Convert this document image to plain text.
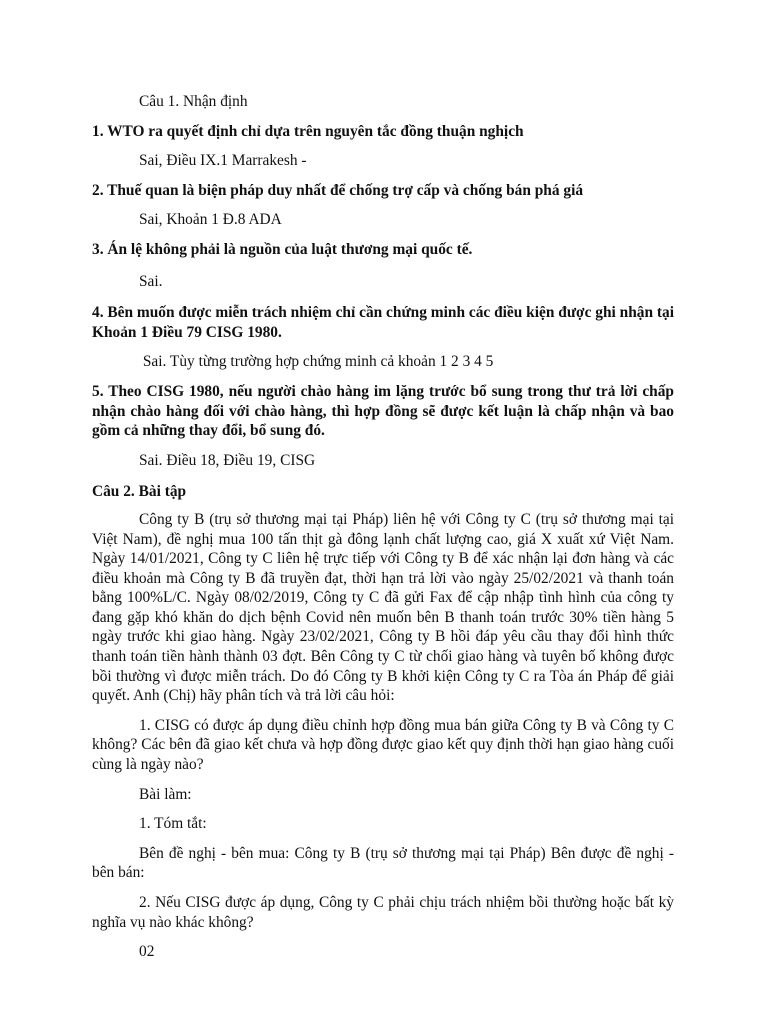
Câu 1. Nhận định

1. WTO ra quyết định chỉ dựa trên nguyên tắc đồng thuận nghịch

Sai, Điều IX.1 Marrakesh -

2. Thuế quan là biện pháp duy nhất để chống trợ cấp và chống bán phá giá

Sai, Khoản 1 Đ.8 ADA

3. Án lệ không phải là nguồn của luật thương mại quốc tế.

Sai.

4. Bên muốn được miễn trách nhiệm chỉ cần chứng minh các điều kiện được ghi nhận tại Khoản 1 Điều 79 CISG 1980.

Sai. Tùy từng trường hợp chứng minh cả khoản 1 2 3 4 5

5. Theo CISG 1980, nếu người chào hàng im lặng trước bổ sung trong thư trả lời chấp nhận chào hàng đối với chào hàng, thì hợp đồng sẽ được kết luận là chấp nhận và bao gồm cả những thay đổi, bổ sung đó.

Sai. Điều 18, Điều 19, CISG

Câu 2. Bài tập

Công ty B (trụ sở thương mại tại Pháp) liên hệ với Công ty C (trụ sở thương mại tại Việt Nam), đề nghị mua 100 tấn thịt gà đông lạnh chất lượng cao, giá X xuất xứ Việt Nam. Ngày 14/01/2021, Công ty C liên hệ trực tiếp với Công ty B để xác nhận lại đơn hàng và các điều khoản mà Công ty B đã truyền đạt, thời hạn trả lời vào ngày 25/02/2021 và thanh toán bằng 100%L/C. Ngày 08/02/2019, Công ty C đã gửi Fax để cập nhập tình hình của công ty đang gặp khó khăn do dịch bệnh Covid nên muốn bên B thanh toán trước 30% tiền hàng 5 ngày trước khi giao hàng. Ngày 23/02/2021, Công ty B hồi đáp yêu cầu thay đổi hình thức thanh toán tiền hành thành 03 đợt. Bên Công ty C từ chối giao hàng và tuyên bố không được bồi thường vì được miễn trách. Do đó Công ty B khởi kiện Công ty C ra Tòa án Pháp để giải quyết. Anh (Chị) hãy phân tích và trả lời câu hỏi:

1. CISG có được áp dụng điều chỉnh hợp đồng mua bán giữa Công ty B và Công ty C không? Các bên đã giao kết chưa và hợp đồng được giao kết quy định thời hạn giao hàng cuối cùng là ngày nào?

Bài làm:

1. Tóm tắt:

Bên đề nghị - bên mua: Công ty B (trụ sở thương mại tại Pháp) Bên được đề nghị - bên bán:

2. Nếu CISG được áp dụng, Công ty C phải chịu trách nhiệm bồi thường hoặc bất kỳ nghĩa vụ nào khác không?

02
